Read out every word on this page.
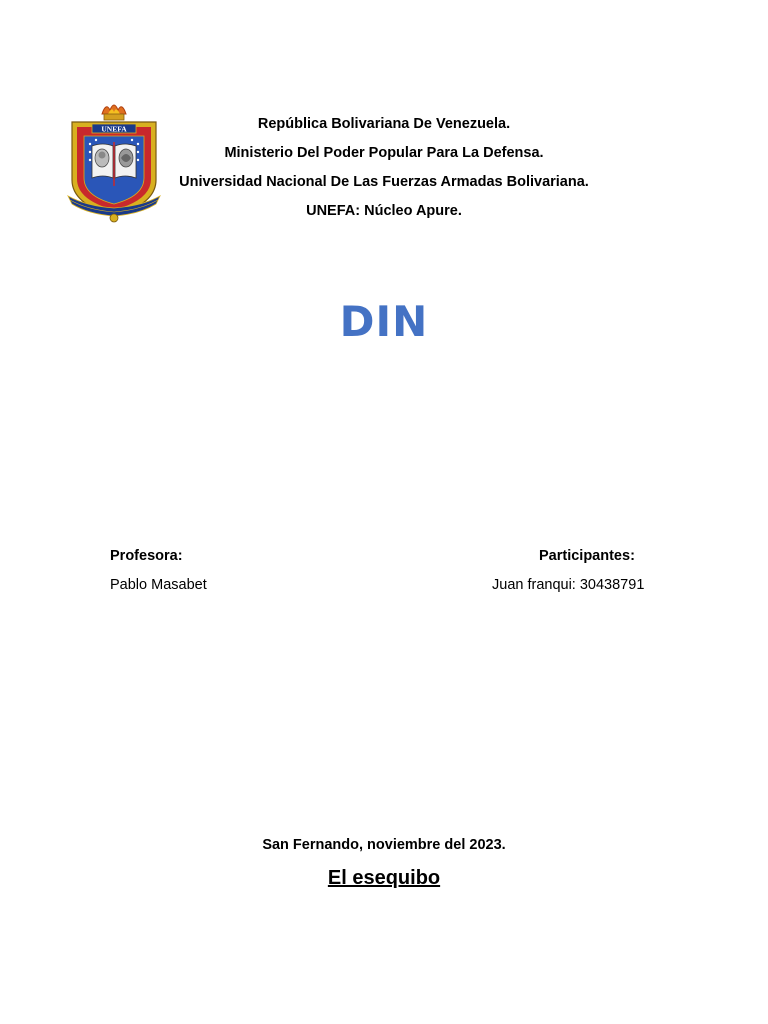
UNEFA	República Bolivariana De Venezuela.
Ministerio Del Poder Popular Para La Defensa.
Universidad Nacional De Las Fuerzas Armadas Bolivariana.
UNEFA: Núcleo Apure.
DIN
Profesora:
Pablo Masabet
Participantes:
Juan franqui: 30438791
San Fernando, noviembre del 2023.
El esequibo
